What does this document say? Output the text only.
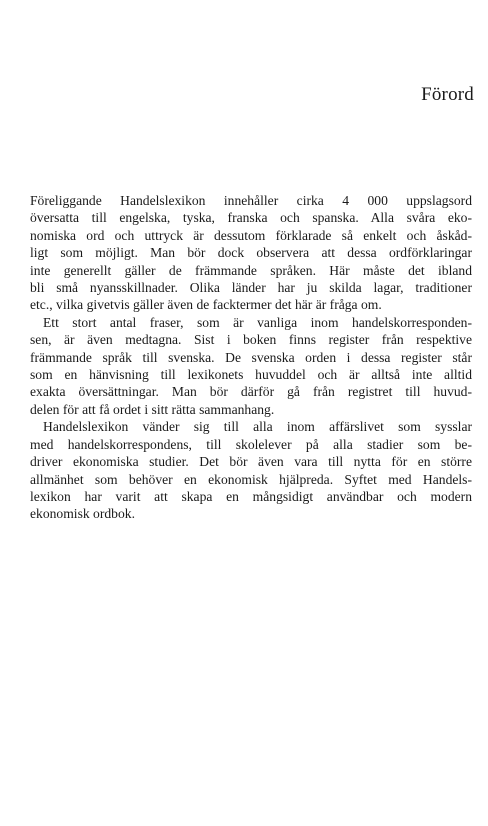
Förord
Föreliggande Handelslexikon innehåller cirka 4 000 uppslagsord
översatta till engelska, tyska, franska och spanska. Alla svåra eko-
nomiska ord och uttryck är dessutom förklarade så enkelt och åskåd-
ligt som möjligt. Man bör dock observera att dessa ordförklaringar
inte generellt gäller de främmande språken. Här måste det ibland
bli små nyansskillnader. Olika länder har ju skilda lagar, traditioner
etc., vilka givetvis gäller även de facktermer det här är fråga om.
Ett stort antal fraser, som är vanliga inom handelskorresponden-
sen, är även medtagna. Sist i boken finns register från respektive
främmande språk till svenska. De svenska orden i dessa register står
som en hänvisning till lexikonets huvuddel och är alltså inte alltid
exakta översättningar. Man bör därför gå från registret till huvud-
delen för att få ordet i sitt rätta sammanhang.
Handelslexikon vänder sig till alla inom affärslivet som sysslar
med handelskorrespondens, till skolelever på alla stadier som be-
driver ekonomiska studier. Det bör även vara till nytta för en större
allmänhet som behöver en ekonomisk hjälpreda. Syftet med Handels-
lexikon har varit att skapa en mångsidigt användbar och modern
ekonomisk ordbok.
